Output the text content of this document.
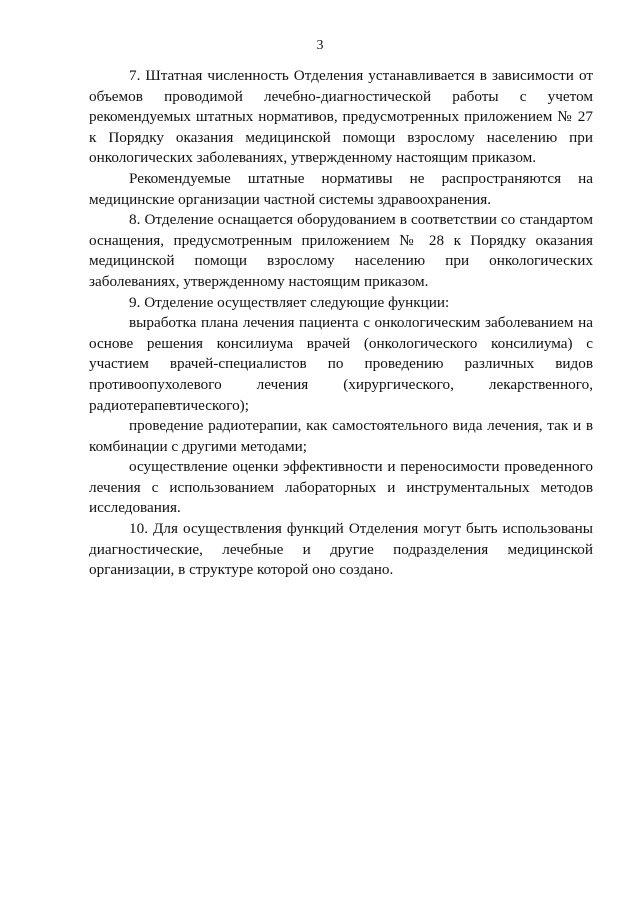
3

7. Штатная численность Отделения устанавливается в зависимости от объемов проводимой лечебно-диагностической работы с учетом рекомендуемых штатных нормативов, предусмотренных приложением № 27 к Порядку оказания медицинской помощи взрослому населению при онкологических заболеваниях, утвержденному настоящим приказом.

Рекомендуемые штатные нормативы не распространяются на медицинские организации частной системы здравоохранения.

8. Отделение оснащается оборудованием в соответствии со стандартом оснащения, предусмотренным приложением № 28 к Порядку оказания медицинской помощи взрослому населению при онкологических заболеваниях, утвержденному настоящим приказом.

9. Отделение осуществляет следующие функции:

выработка плана лечения пациента с онкологическим заболеванием на основе решения консилиума врачей (онкологического консилиума) с участием врачей-специалистов по проведению различных видов противоопухолевого лечения (хирургического, лекарственного, радиотерапевтического);

проведение радиотерапии, как самостоятельного вида лечения, так и в комбинации с другими методами;

осуществление оценки эффективности и переносимости проведенного лечения с использованием лабораторных и инструментальных методов исследования.

10. Для осуществления функций Отделения могут быть использованы диагностические, лечебные и другие подразделения медицинской организации, в структуре которой оно создано.
